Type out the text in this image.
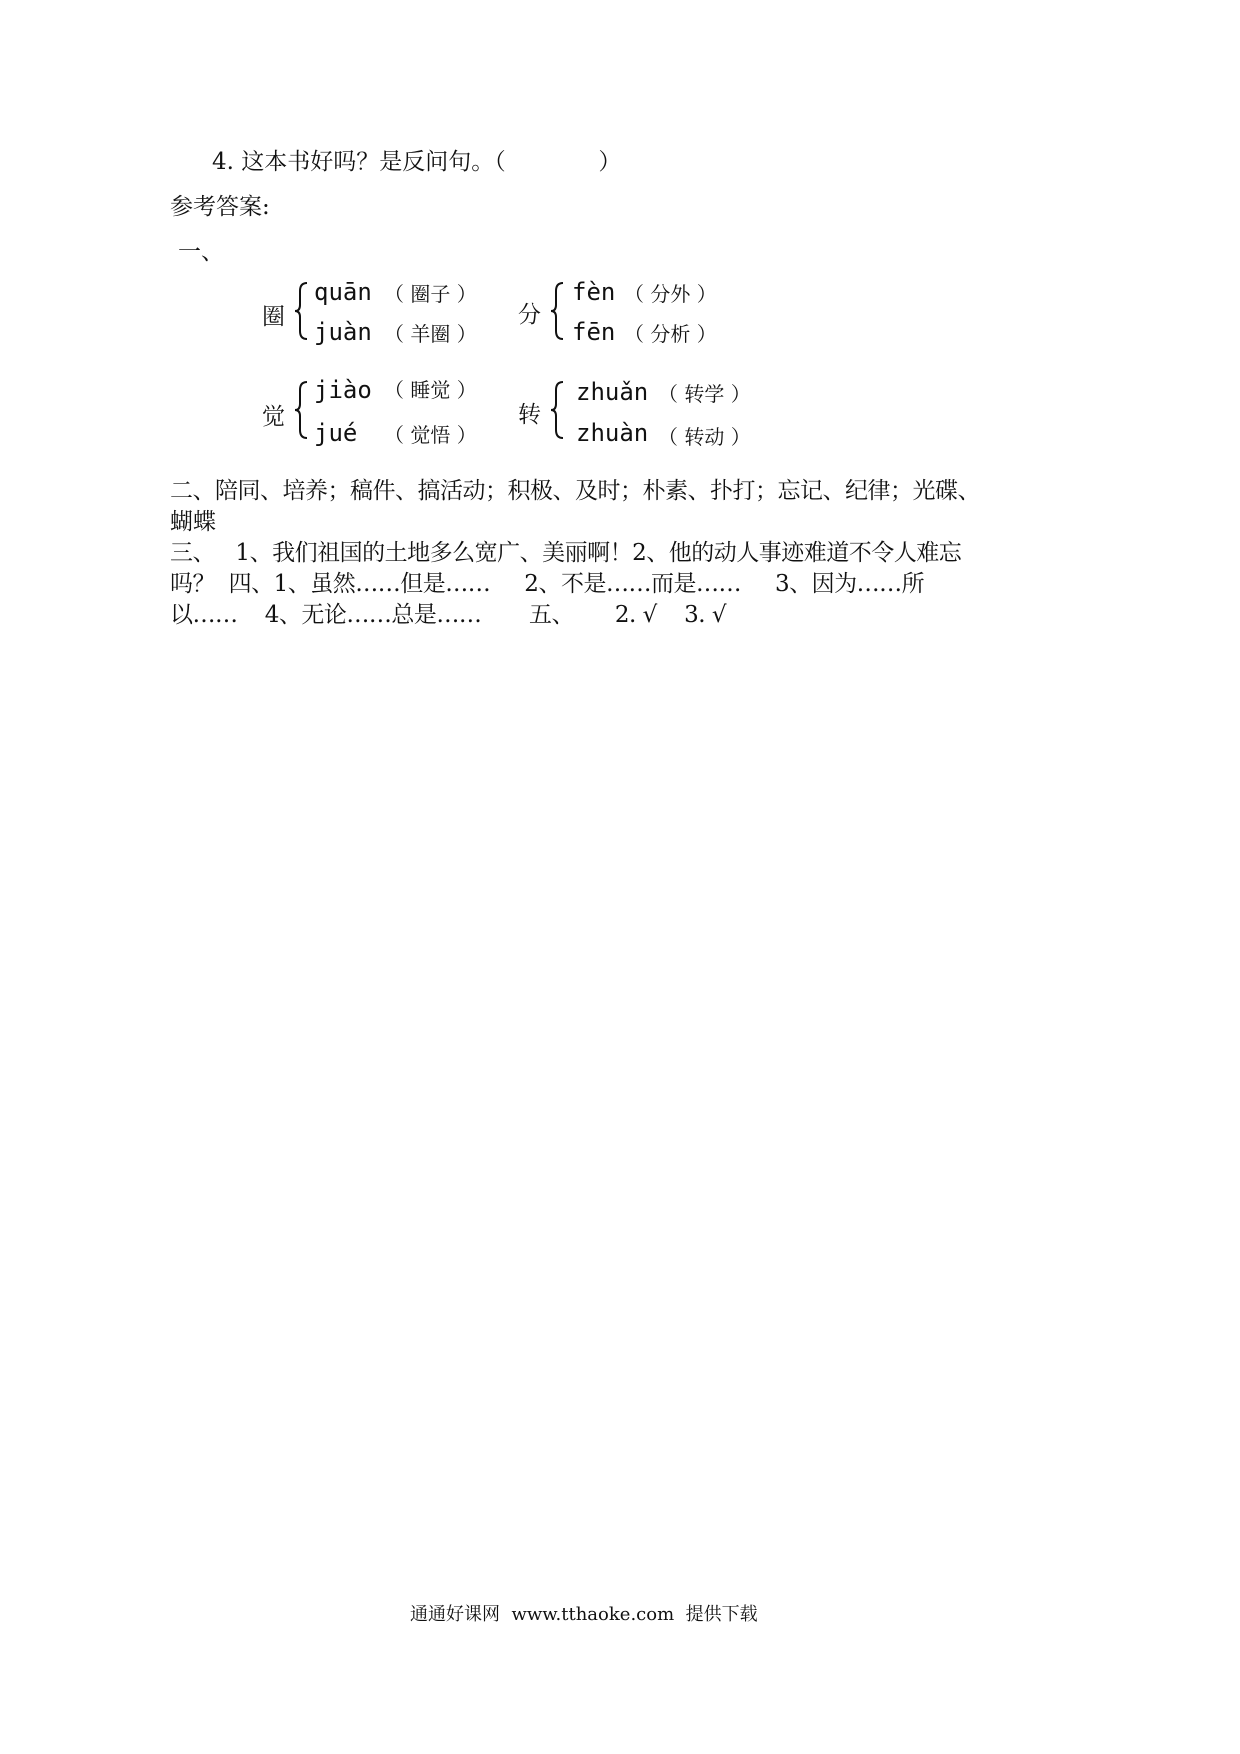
4. 这本书好吗？是反问句。（	）
参考答案:
一、
圈
quān （ 圈子 ）
juàn （ 羊圈 ）
分
fèn （ 分外 ）
fēn （ 分析 ）
觉
jiào （ 睡觉 ）
jué （ 觉悟 ）
转
zhuǎn （ 转学 ）
zhuàn （ 转动 ）
二、陪同、培养；稿件、搞活动；积极、及时；朴素、扑打；忘记、纪律；光碟、
蝴蝶
三、   1、我们祖国的土地多么宽广、美丽啊！2、他的动人事迹难道不令人难忘
吗？  四、1、虽然……但是……     2、不是……而是……     3、因为……所
以……    4、无论……总是……       五、      2. √    3. √
通通好课网  www.tthaoke.com  提供下载
